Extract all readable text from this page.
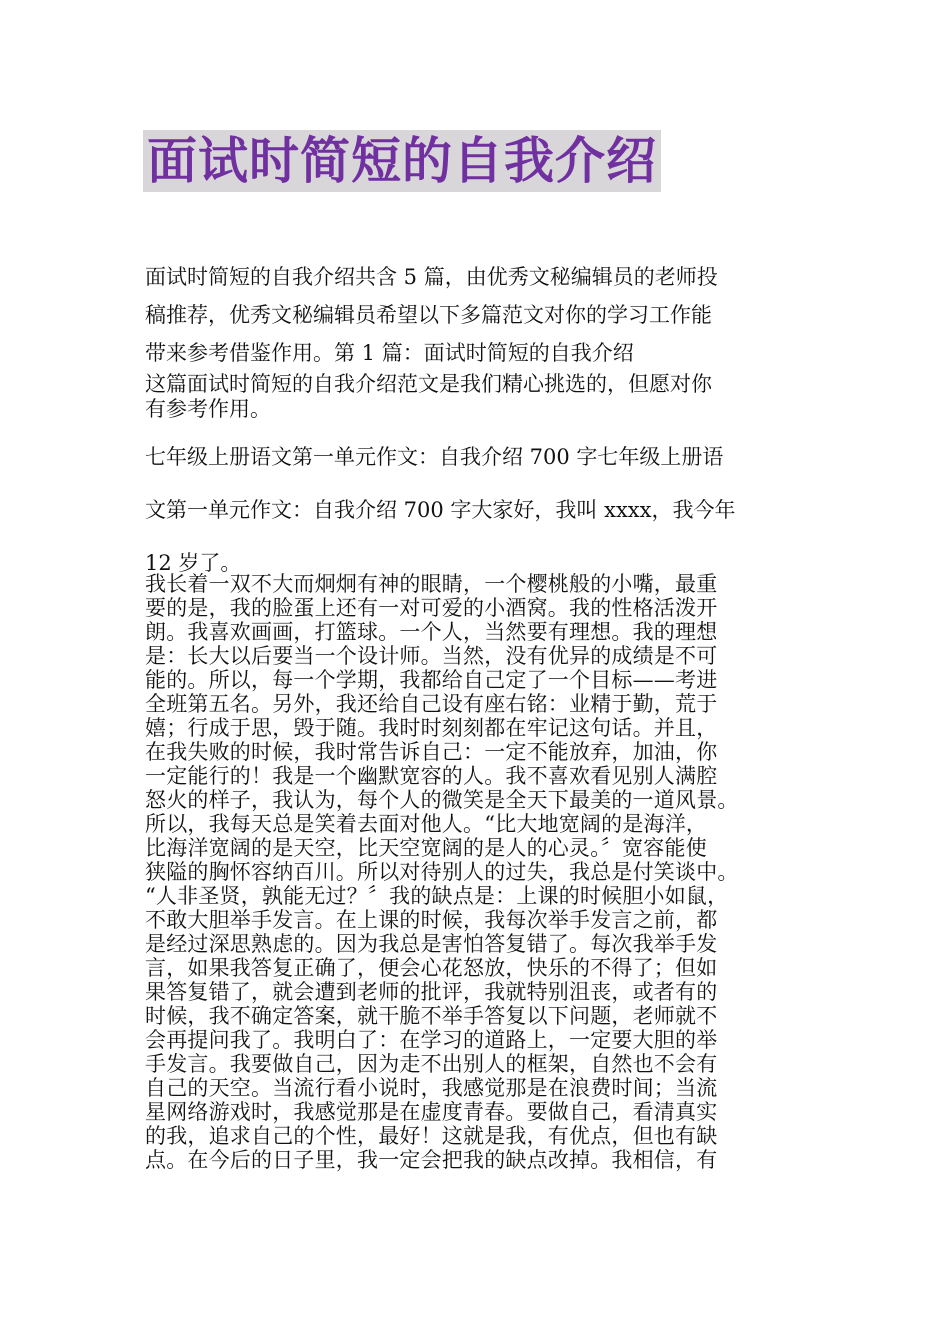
面试时简短的自我介绍

面试时简短的自我介绍共含 5 篇，由优秀文秘编辑员的老师投
稿推荐，优秀文秘编辑员希望以下多篇范文对你的学习工作能
带来参考借鉴作用。第 1 篇：面试时简短的自我介绍

这篇面试时简短的自我介绍范文是我们精心挑选的，但愿对你
有参考作用。

七年级上册语文第一单元作文：自我介绍 700 字七年级上册语
文第一单元作文：自我介绍 700 字大家好，我叫 xxxx，我今年
12 岁了。

我长着一双不大而炯炯有神的眼睛，一个樱桃般的小嘴，最重
要的是，我的脸蛋上还有一对可爱的小酒窝。我的性格活泼开
朗。我喜欢画画，打篮球。一个人，当然要有理想。我的理想
是：长大以后要当一个设计师。当然，没有优异的成绩是不可
能的。所以，每一个学期，我都给自己定了一个目标——考进
全班第五名。另外，我还给自己设有座右铭：业精于勤，荒于
嬉；行成于思，毁于随。我时时刻刻都在牢记这句话。并且，
在我失败的时候，我时常告诉自己：一定不能放弃，加油，你
一定能行的！我是一个幽默宽容的人。我不喜欢看见别人满腔
怒火的样子，我认为，每个人的微笑是全天下最美的一道风景。
所以，我每天总是笑着去面对他人。“比大地宽阔的是海洋，
比海洋宽阔的是天空，比天空宽阔的是人的心灵。〞宽容能使
狭隘的胸怀容纳百川。所以对待别人的过失，我总是付笑谈中。
“人非圣贤，孰能无过？〞我的缺点是：上课的时候胆小如鼠，
不敢大胆举手发言。在上课的时候，我每次举手发言之前，都
是经过深思熟虑的。因为我总是害怕答复错了。每次我举手发
言，如果我答复正确了，便会心花怒放，快乐的不得了；但如
果答复错了，就会遭到老师的批评，我就特别沮丧，或者有的
时候，我不确定答案，就干脆不举手答复以下问题，老师就不
会再提问我了。我明白了：在学习的道路上，一定要大胆的举
手发言。我要做自己，因为走不出别人的框架，自然也不会有
自己的天空。当流行看小说时，我感觉那是在浪费时间；当流
星网络游戏时，我感觉那是在虚度青春。要做自己，看清真实
的我，追求自己的个性，最好！这就是我，有优点，但也有缺
点。在今后的日子里，我一定会把我的缺点改掉。我相信，有
